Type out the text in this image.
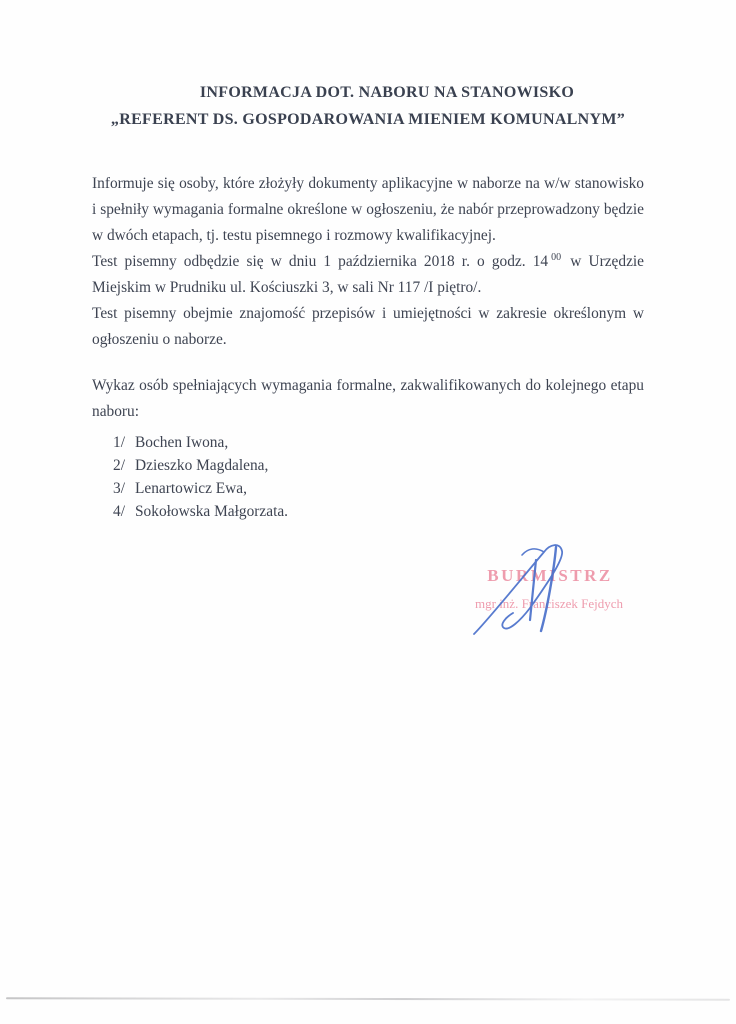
INFORMACJA DOT. NABORU NA STANOWISKO
„REFERENT DS. GOSPODAROWANIA MIENIEM KOMUNALNYM”

Informuje się osoby, które złożyły dokumenty aplikacyjne w naborze na w/w stanowisko i spełniły wymagania formalne określone w ogłoszeniu, że nabór przeprowadzony będzie w dwóch etapach, tj. testu pisemnego i rozmowy kwalifikacyjnej.

Test pisemny odbędzie się w dniu 1 października 2018 r. o godz. 14 $^{00}$ w Urzędzie Miejskim w Prudniku ul. Kościuszki 3, w sali Nr 117 /I piętro/.

Test pisemny obejmie znajomość przepisów i umiejętności w zakresie określonym w ogłoszeniu o naborze.

Wykaz osób spełniających wymagania formalne, zakwalifikowanych do kolejnego etapu naboru:

1/ Bochen Iwona,
2/ Dzieszko Magdalena,
3/ Lenartowicz Ewa,
4/ Sokołowska Małgorzata.
BURMISTRZ
mgr inż. Franciszek Fejdych
